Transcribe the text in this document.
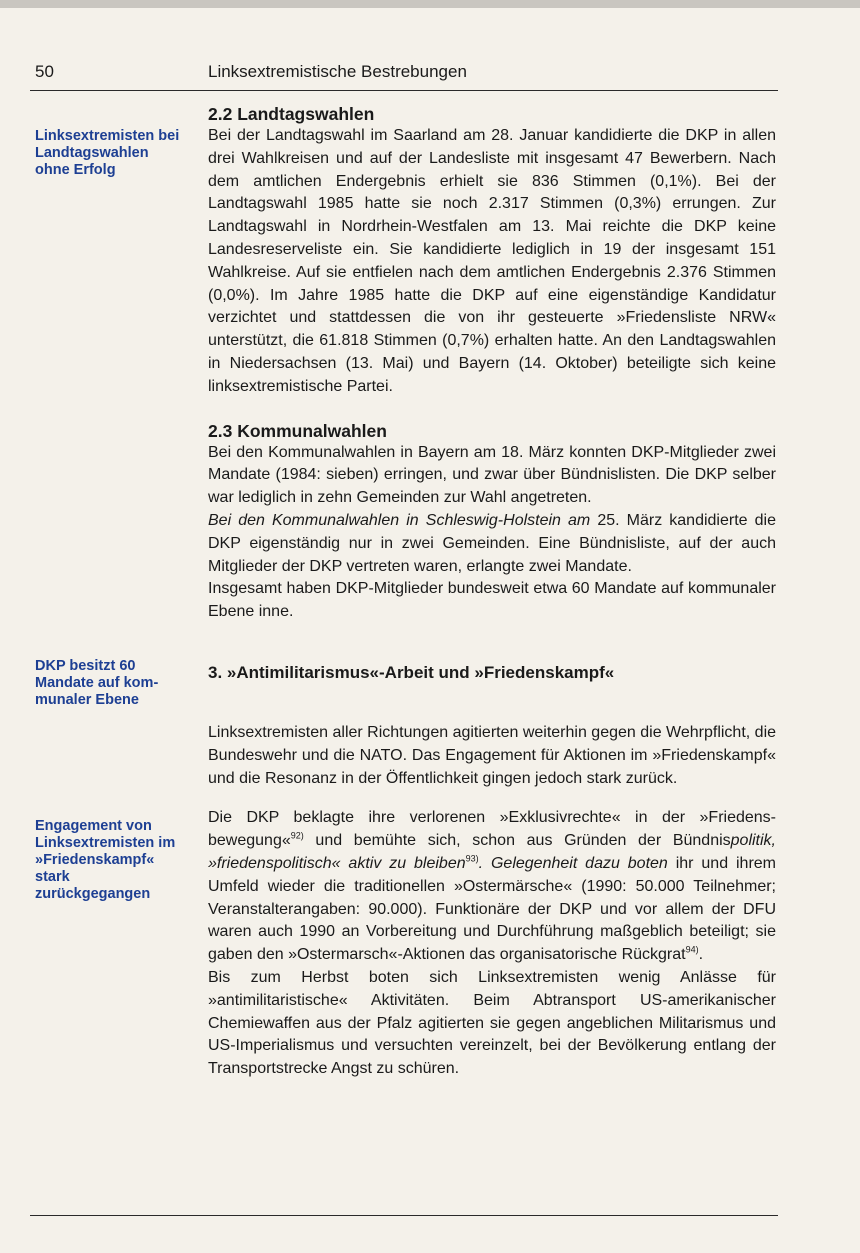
50	Linksextremistische Bestrebungen
Linksextremisten bei Landtagswahlen ohne Erfolg
DKP besitzt 60 Mandate auf kommunaler Ebene
Engagement von Linksextremisten im »Friedenskampf« stark zurückgegangen
2.2 Landtagswahlen

Bei der Landtagswahl im Saarland am 28. Januar kandidierte die DKP in allen drei Wahlkreisen und auf der Landesliste mit insgesamt 47 Bewerbern. Nach dem amtlichen Endergebnis erhielt sie 836 Stimmen (0,1%). Bei der Landtagswahl 1985 hatte sie noch 2.317 Stimmen (0,3%) errungen. Zur Landtagswahl in Nordrhein-Westfalen am 13. Mai reichte die DKP keine Landesreserveliste ein. Sie kandidierte lediglich in 19 der insgesamt 151 Wahlkreise. Auf sie entfielen nach dem amtlichen Endergebnis 2.376 Stimmen (0,0%). Im Jahre 1985 hatte die DKP auf eine eigenständige Kandidatur verzichtet und stattdessen die von ihr gesteuerte »Friedensliste NRW« unterstützt, die 61.818 Stimmen (0,7%) erhalten hatte. An den Landtagswahlen in Niedersachsen (13. Mai) und Bayern (14. Oktober) beteiligte sich keine linksextremistische Partei.

2.3 Kommunalwahlen

Bei den Kommunalwahlen in Bayern am 18. März konnten DKP-Mitglieder zwei Mandate (1984: sieben) erringen, und zwar über Bündnislisten. Die DKP selber war lediglich in zehn Gemeinden zur Wahl angetreten.

Bei den Kommunalwahlen in Schleswig-Holstein am 25. März kandidierte die DKP eigenständig nur in zwei Gemeinden. Eine Bündnisliste, auf der auch Mitglieder der DKP vertreten waren, erlangte zwei Mandate.

Insgesamt haben DKP-Mitglieder bundesweit etwa 60 Mandate auf kommunaler Ebene inne.

3. »Antimilitarismus«-Arbeit und »Friedenskampf«

Linksextremisten aller Richtungen agitierten weiterhin gegen die Wehrpflicht, die Bundeswehr und die NATO. Das Engagement für Aktionen im »Friedenskampf« und die Resonanz in der Öffentlichkeit gingen jedoch stark zurück.

Die DKP beklagte ihre verlorenen »Exklusivrechte« in der »Friedensbewegung«$^{92)}$ und bemühte sich, schon aus Gründen der Bündnispolitik, »friedenspolitisch« aktiv zu bleiben$^{93)}$. Gelegenheit dazu boten ihr und ihrem Umfeld wieder die traditionellen »Ostermärsche« (1990: 50.000 Teilnehmer; Veranstalterangaben: 90.000). Funktionäre der DKP und vor allem der DFU waren auch 1990 an Vorbereitung und Durchführung maßgeblich beteiligt; sie gaben den »Ostermarsch«-Aktionen das organisatorische Rückgrat$^{94)}$.

Bis zum Herbst boten sich Linksextremisten wenig Anlässe für »antimilitaristische« Aktivitäten. Beim Abtransport US-amerikanischer Chemiewaffen aus der Pfalz agitierten sie gegen angeblichen Militarismus und US-Imperialismus und versuchten vereinzelt, bei der Bevölkerung entlang der Transportstrecke Angst zu schüren.
